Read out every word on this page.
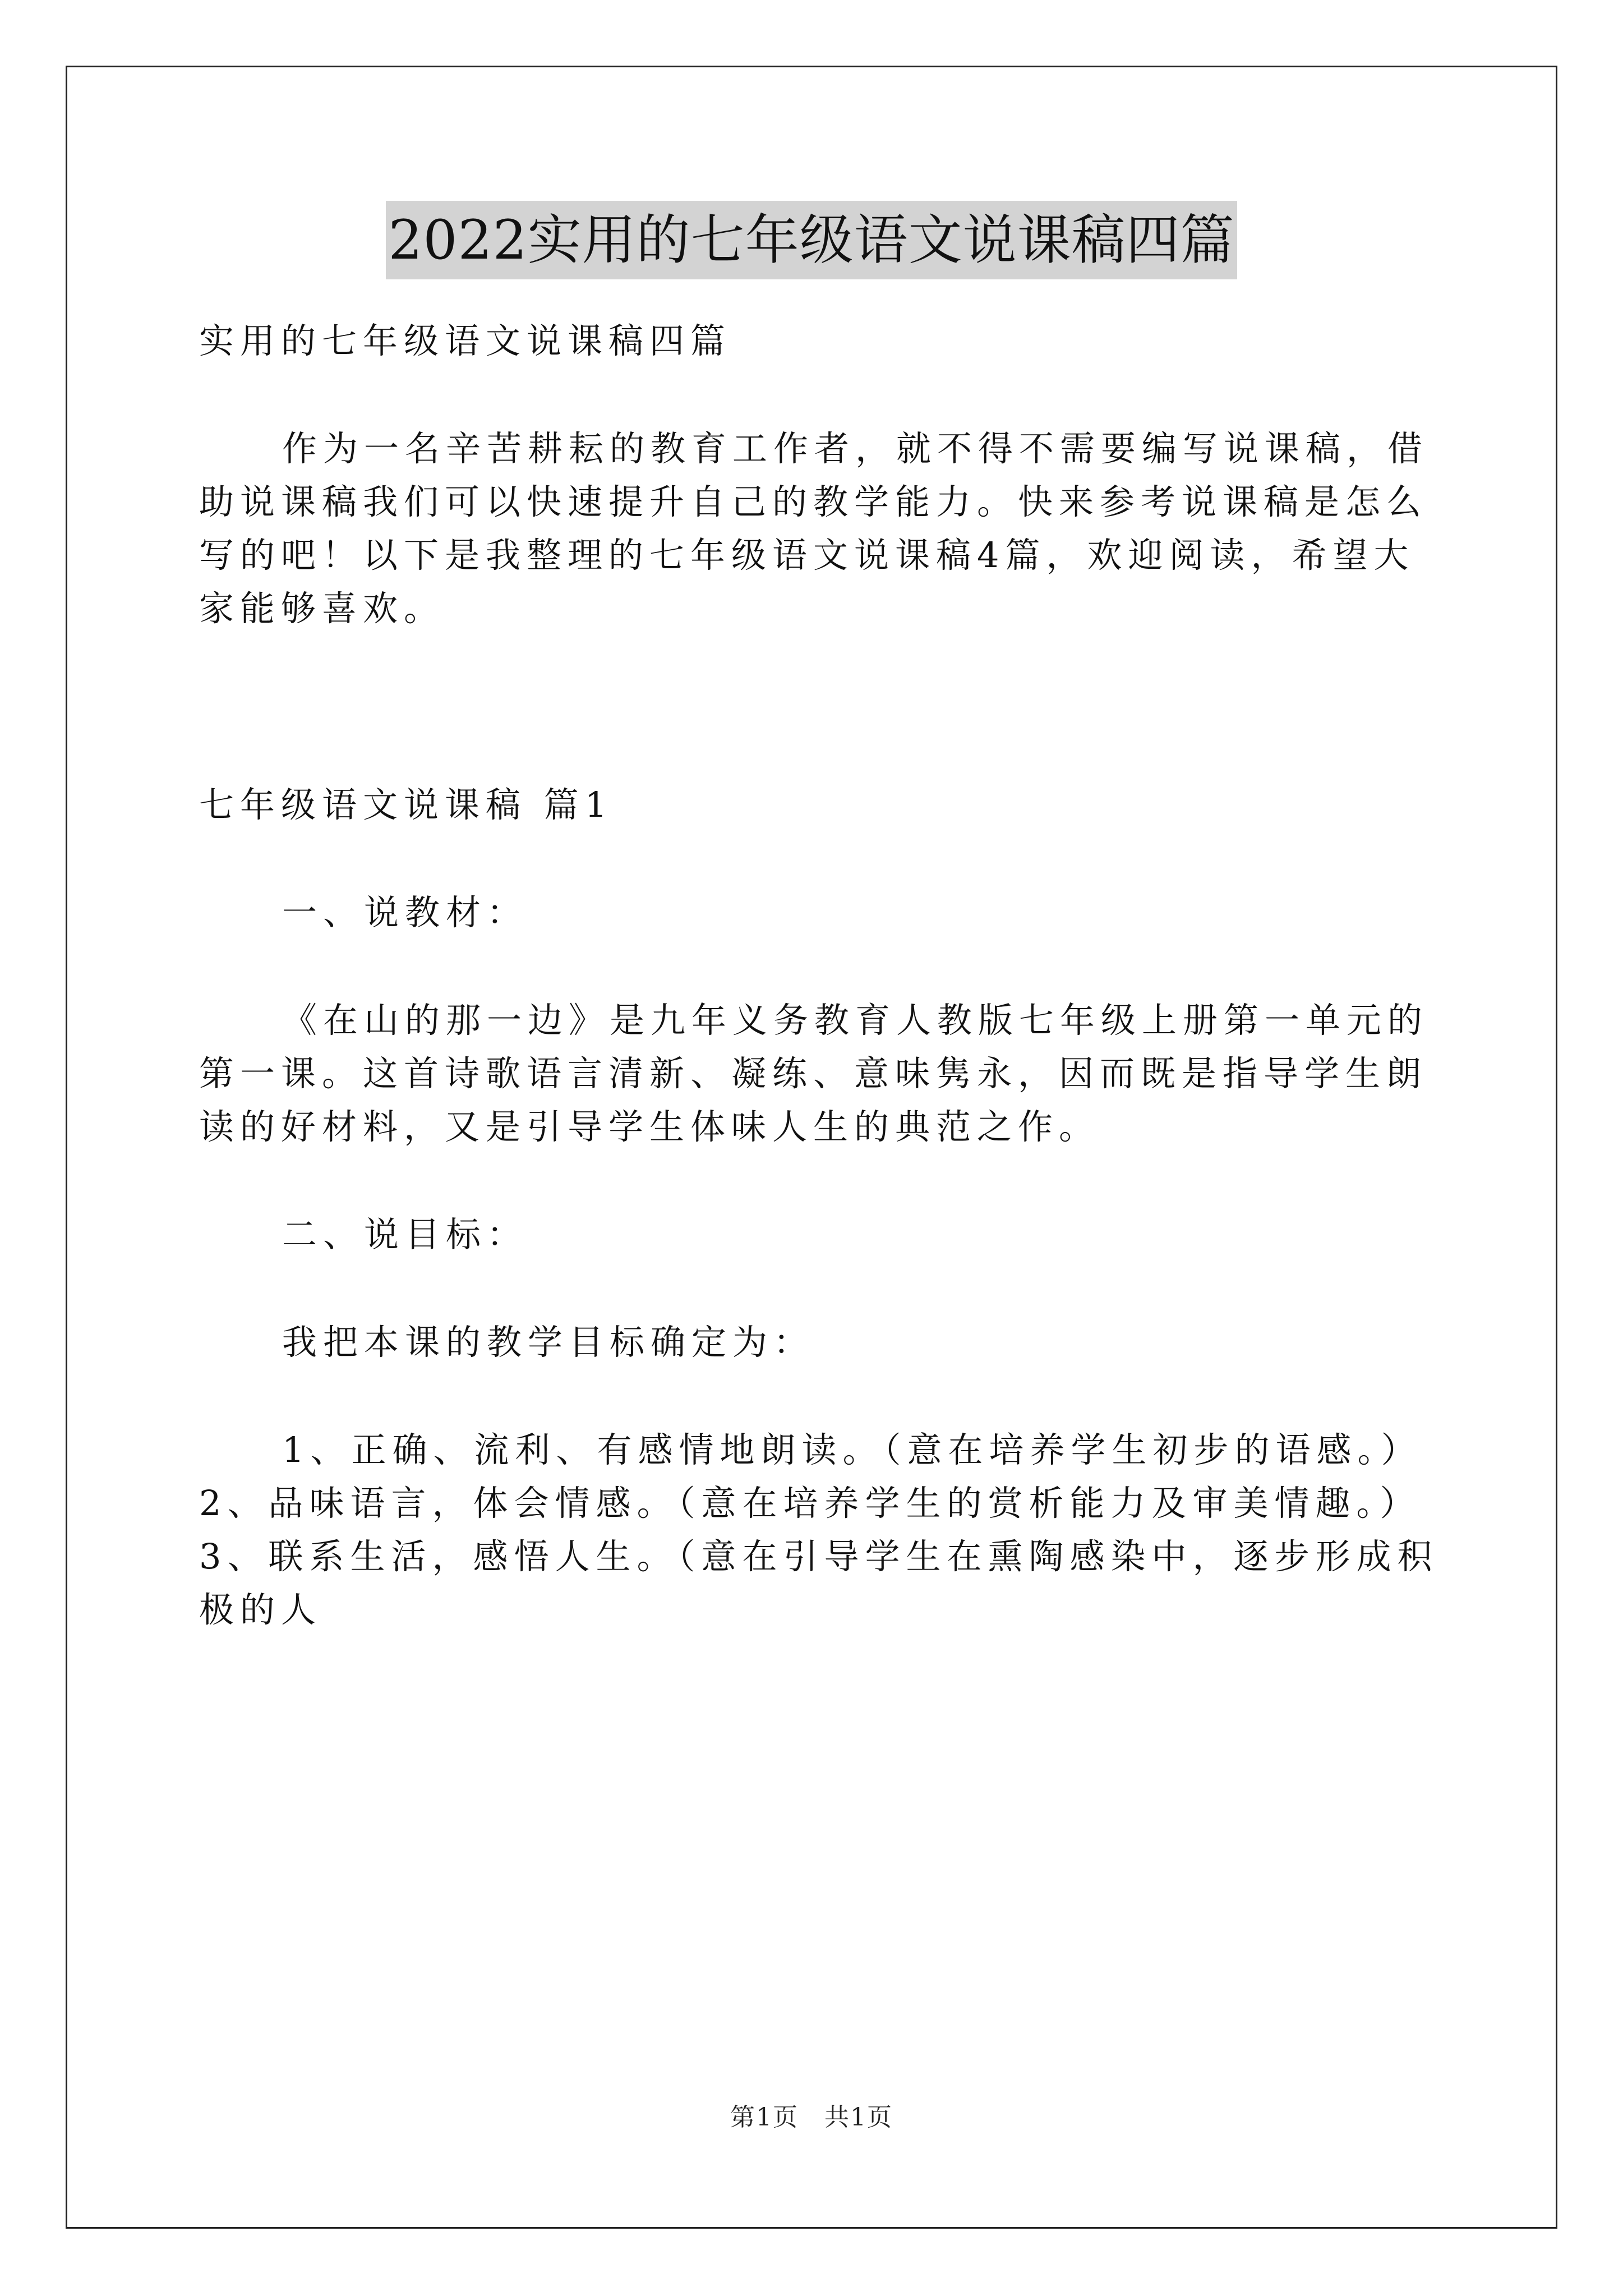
2022实用的七年级语文说课稿四篇

实用的七年级语文说课稿四篇

作为一名辛苦耕耘的教育工作者，就不得不需要编写说课稿，借助说课稿我们可以快速提升自己的教学能力。快来参考说课稿是怎么写的吧！以下是我整理的七年级语文说课稿4篇，欢迎阅读，希望大家能够喜欢。

七年级语文说课稿 篇1

一、说教材：

《在山的那一边》是九年义务教育人教版七年级上册第一单元的第一课。这首诗歌语言清新、凝练、意味隽永，因而既是指导学生朗读的好材料，又是引导学生体味人生的典范之作。

二、说目标：

我把本课的教学目标确定为：

1、正确、流利、有感情地朗读。（意在培养学生初步的语感。）2、品味语言，体会情感。（意在培养学生的赏析能力及审美情趣。）3、联系生活，感悟人生。（意在引导学生在熏陶感染中，逐步形成积极的人

第1页　共1页
